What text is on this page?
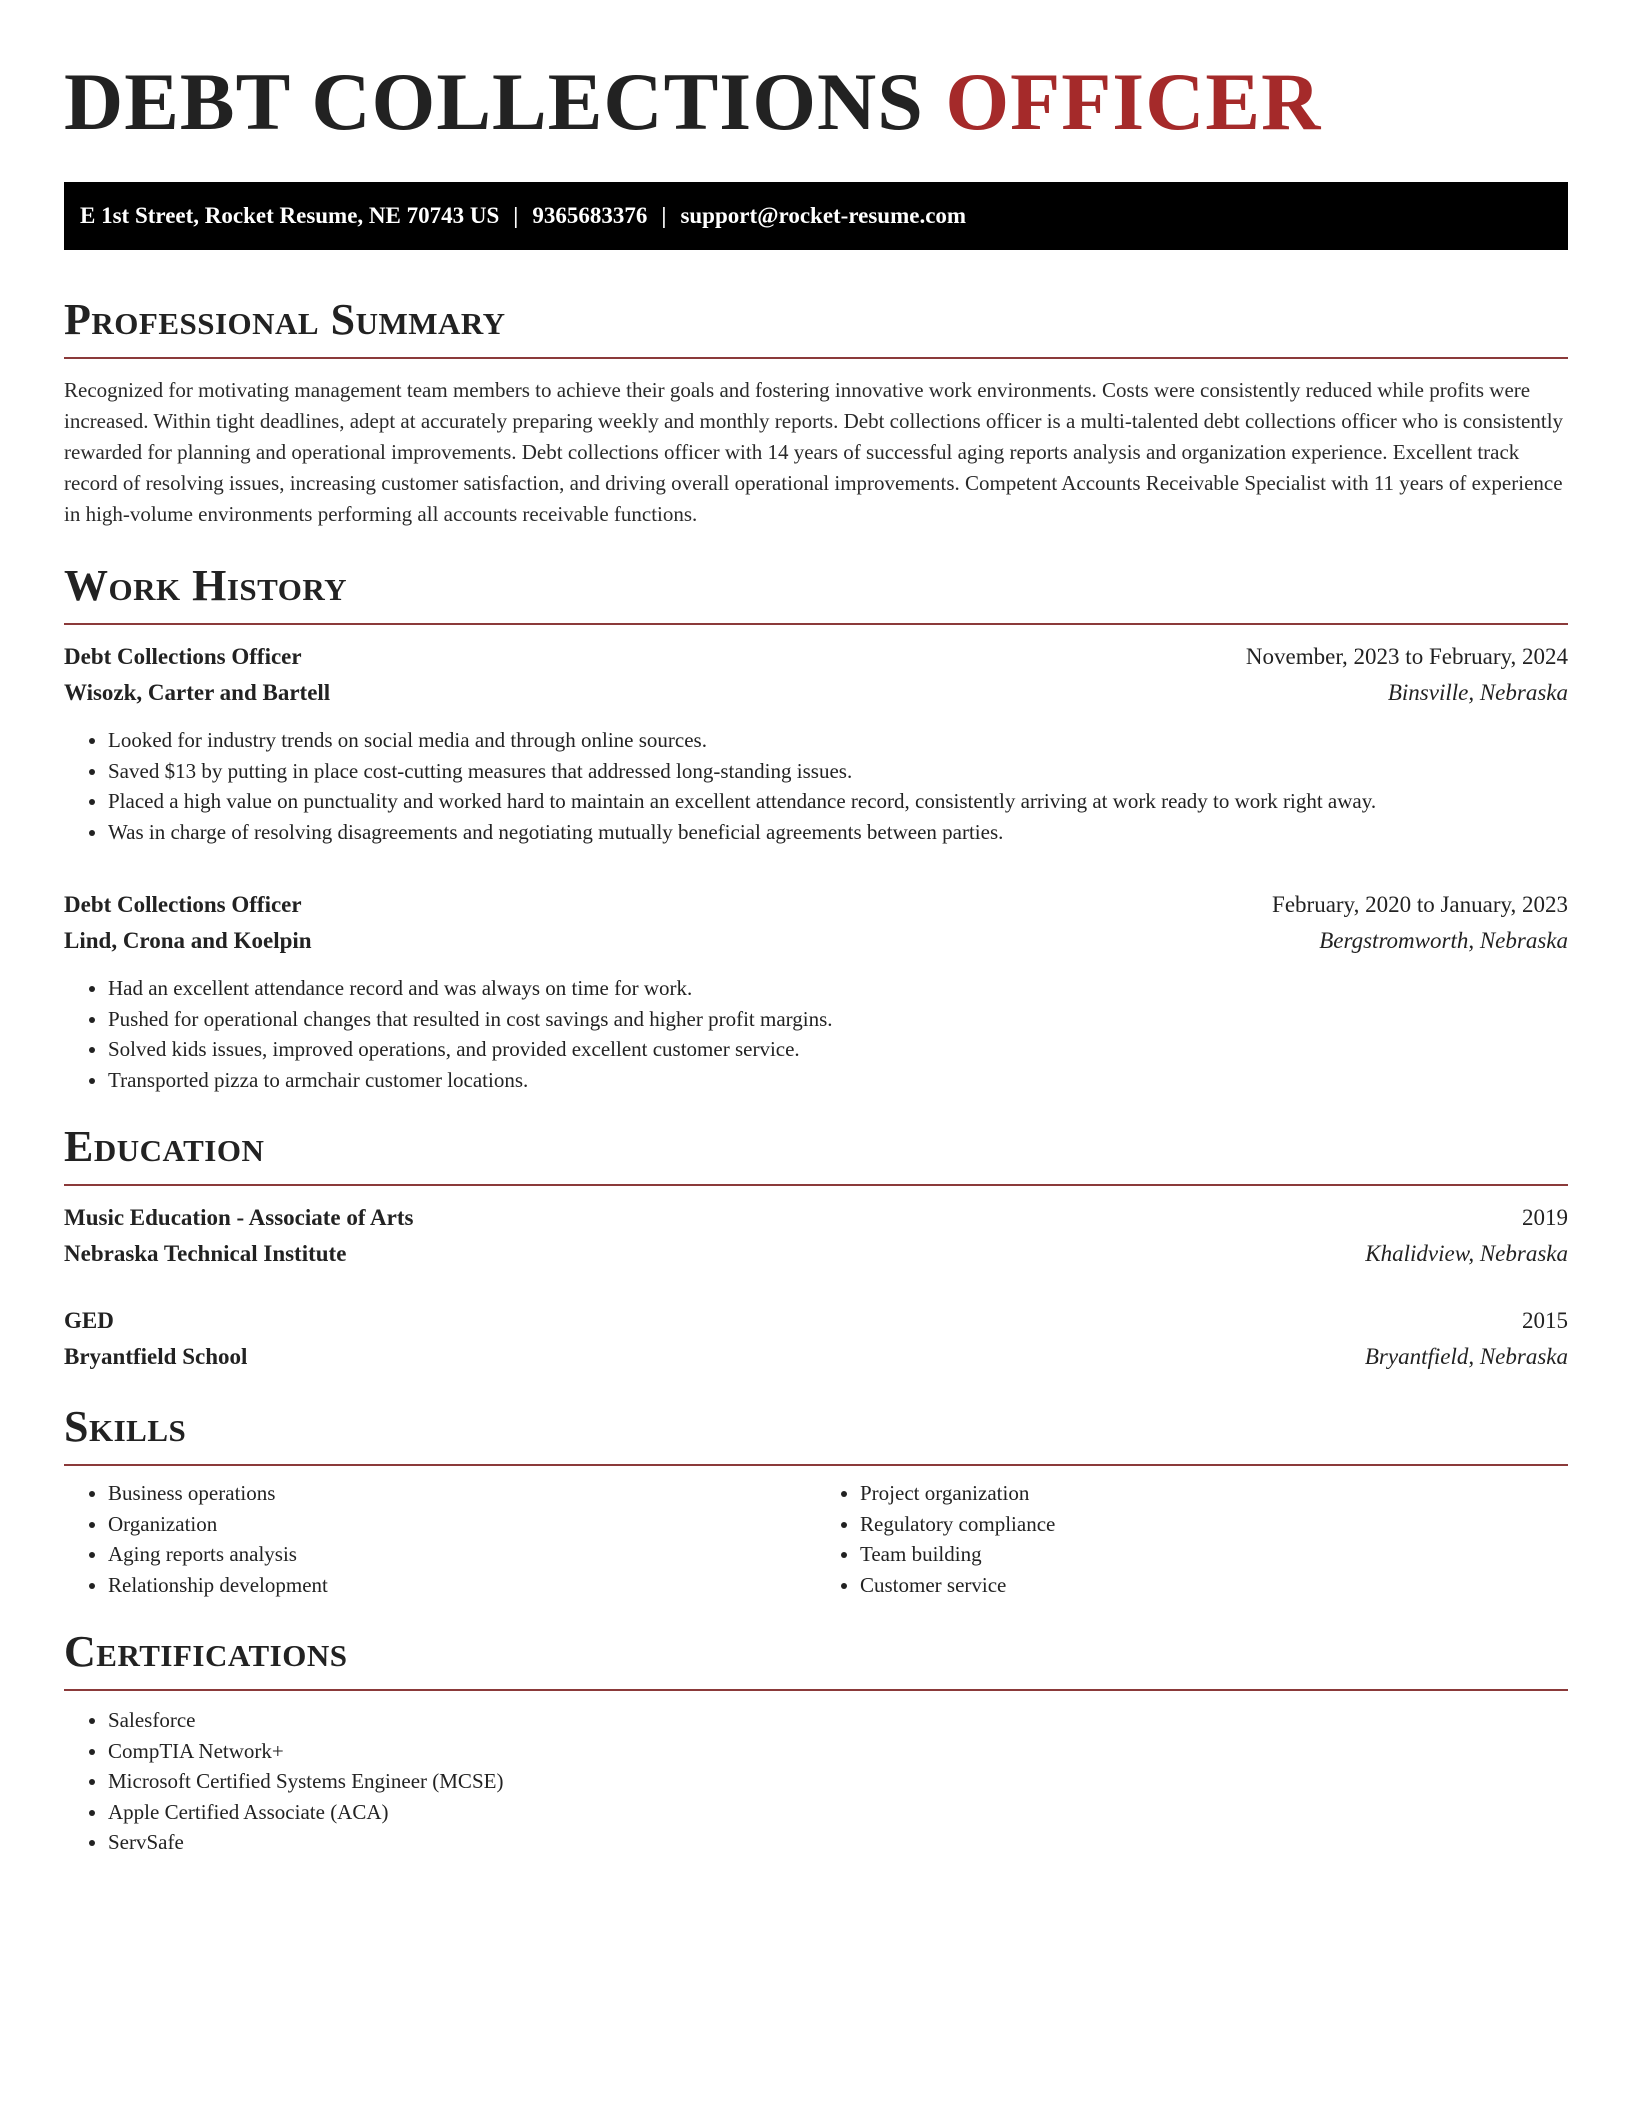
DEBT COLLECTIONS OFFICER
E 1st Street, Rocket Resume, NE 70743 US | 9365683376 | support@rocket-resume.com
Professional Summary

Recognized for motivating management team members to achieve their goals and fostering innovative work environments. Costs were consistently reduced while profits were increased. Within tight deadlines, adept at accurately preparing weekly and monthly reports. Debt collections officer is a multi-talented debt collections officer who is consistently rewarded for planning and operational improvements. Debt collections officer with 14 years of successful aging reports analysis and organization experience. Excellent track record of resolving issues, increasing customer satisfaction, and driving overall operational improvements. Competent Accounts Receivable Specialist with 11 years of experience in high-volume environments performing all accounts receivable functions.

Work History
Debt Collections Officer	November, 2023 to February, 2024
Wisozk, Carter and Bartell	Binsville, Nebraska
• Looked for industry trends on social media and through online sources.
• Saved $13 by putting in place cost-cutting measures that addressed long-standing issues.
• Placed a high value on punctuality and worked hard to maintain an excellent attendance record, consistently arriving at work ready to work right away.
• Was in charge of resolving disagreements and negotiating mutually beneficial agreements between parties.
Debt Collections Officer	February, 2020 to January, 2023
Lind, Crona and Koelpin	Bergstromworth, Nebraska
• Had an excellent attendance record and was always on time for work.
• Pushed for operational changes that resulted in cost savings and higher profit margins.
• Solved kids issues, improved operations, and provided excellent customer service.
• Transported pizza to armchair customer locations.
Education
Music Education - Associate of Arts	2019
Nebraska Technical Institute	Khalidview, Nebraska
GED	2015
Bryantfield School	Bryantfield, Nebraska
Skills
• Business operations
• Organization
• Aging reports analysis
• Relationship development
• Project organization
• Regulatory compliance
• Team building
• Customer service
Certifications
• Salesforce
• CompTIA Network+
• Microsoft Certified Systems Engineer (MCSE)
• Apple Certified Associate (ACA)
• ServSafe
